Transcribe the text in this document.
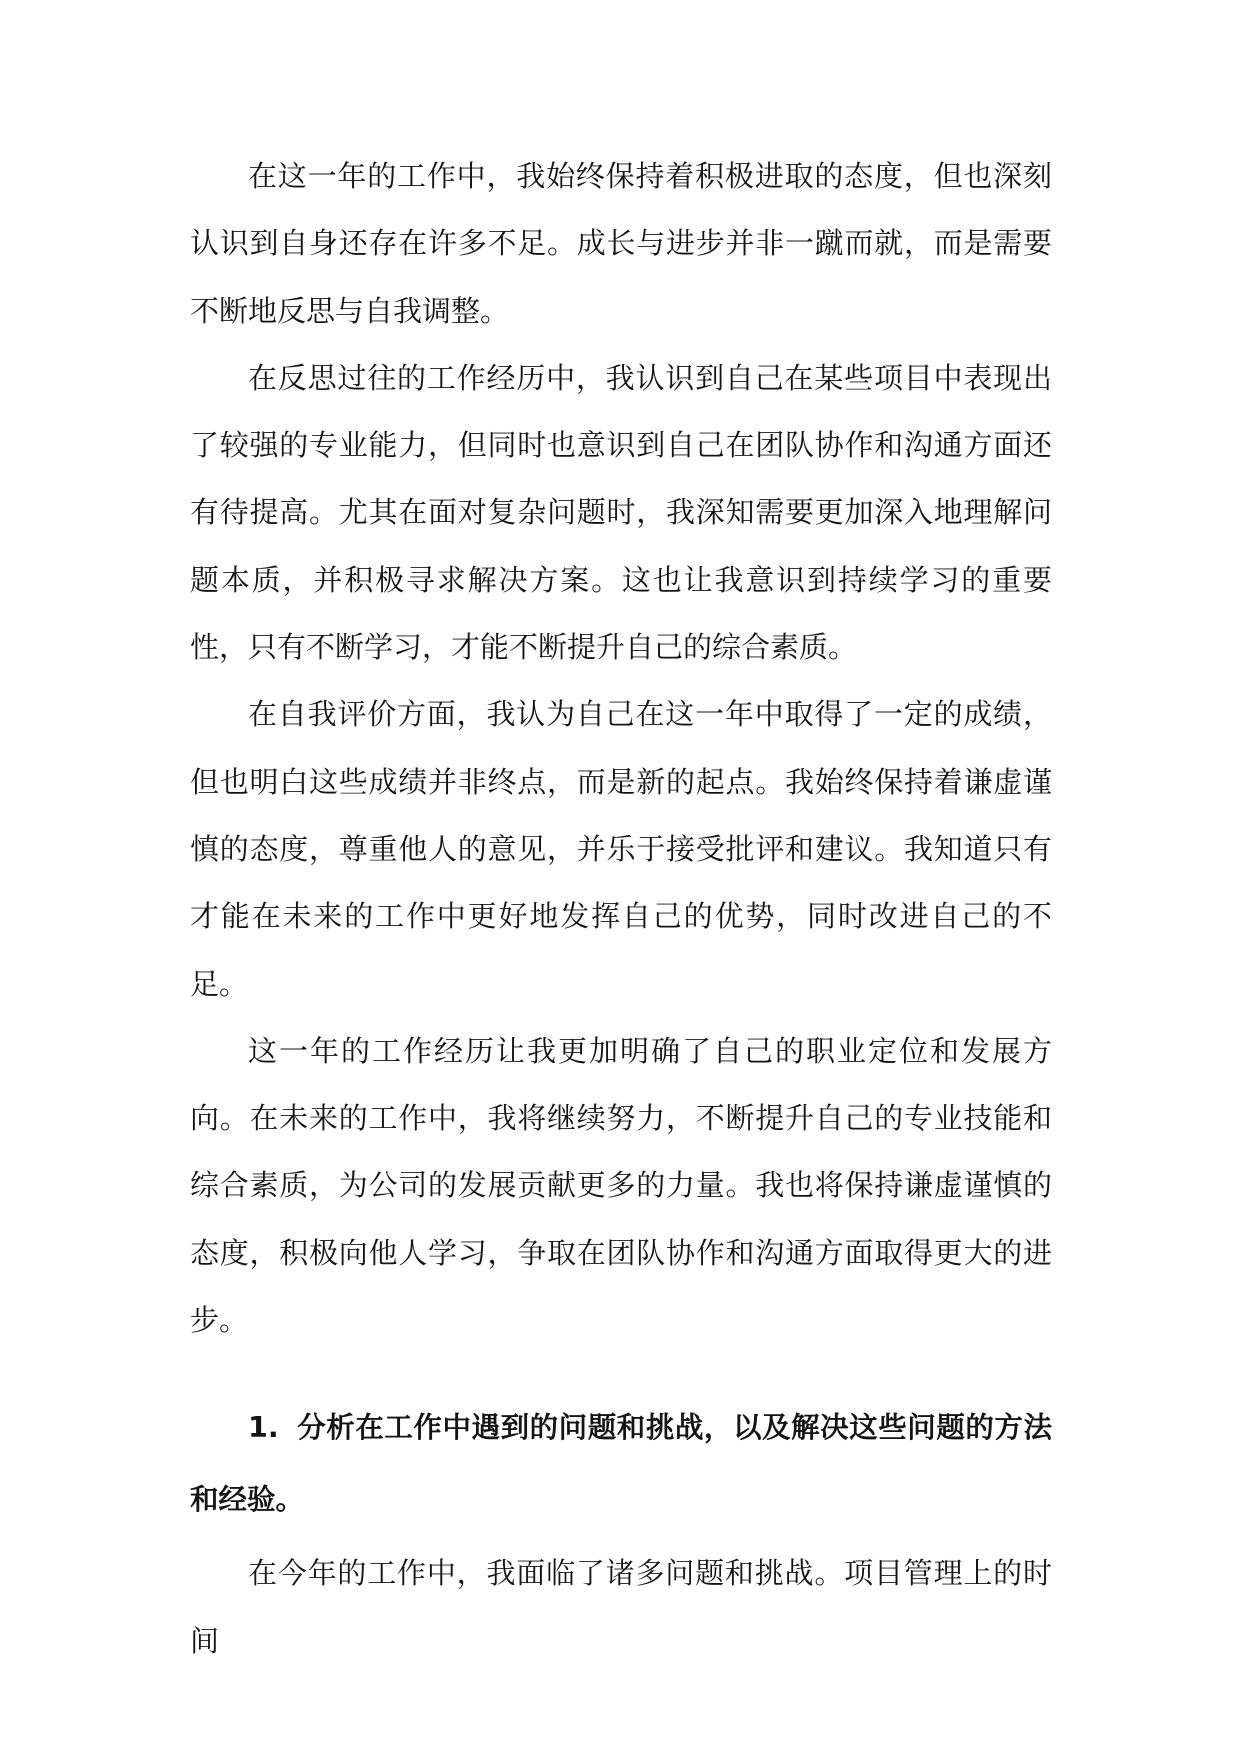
在这一年的工作中，我始终保持着积极进取的态度，但也深刻认识到自身还存在许多不足。成长与进步并非一蹴而就，而是需要不断地反思与自我调整。

在反思过往的工作经历中，我认识到自己在某些项目中表现出了较强的专业能力，但同时也意识到自己在团队协作和沟通方面还有待提高。尤其在面对复杂问题时，我深知需要更加深入地理解问题本质，并积极寻求解决方案。这也让我意识到持续学习的重要性，只有不断学习，才能不断提升自己的综合素质。

在自我评价方面，我认为自己在这一年中取得了一定的成绩，但也明白这些成绩并非终点，而是新的起点。我始终保持着谦虚谨慎的态度，尊重他人的意见，并乐于接受批评和建议。我知道只有才能在未来的工作中更好地发挥自己的优势，同时改进自己的不足。

这一年的工作经历让我更加明确了自己的职业定位和发展方向。在未来的工作中，我将继续努力，不断提升自己的专业技能和综合素质，为公司的发展贡献更多的力量。我也将保持谦虚谨慎的态度，积极向他人学习，争取在团队协作和沟通方面取得更大的进步。

1. 分析在工作中遇到的问题和挑战，以及解决这些问题的方法和经验。

在今年的工作中，我面临了诸多问题和挑战。项目管理上的时间
